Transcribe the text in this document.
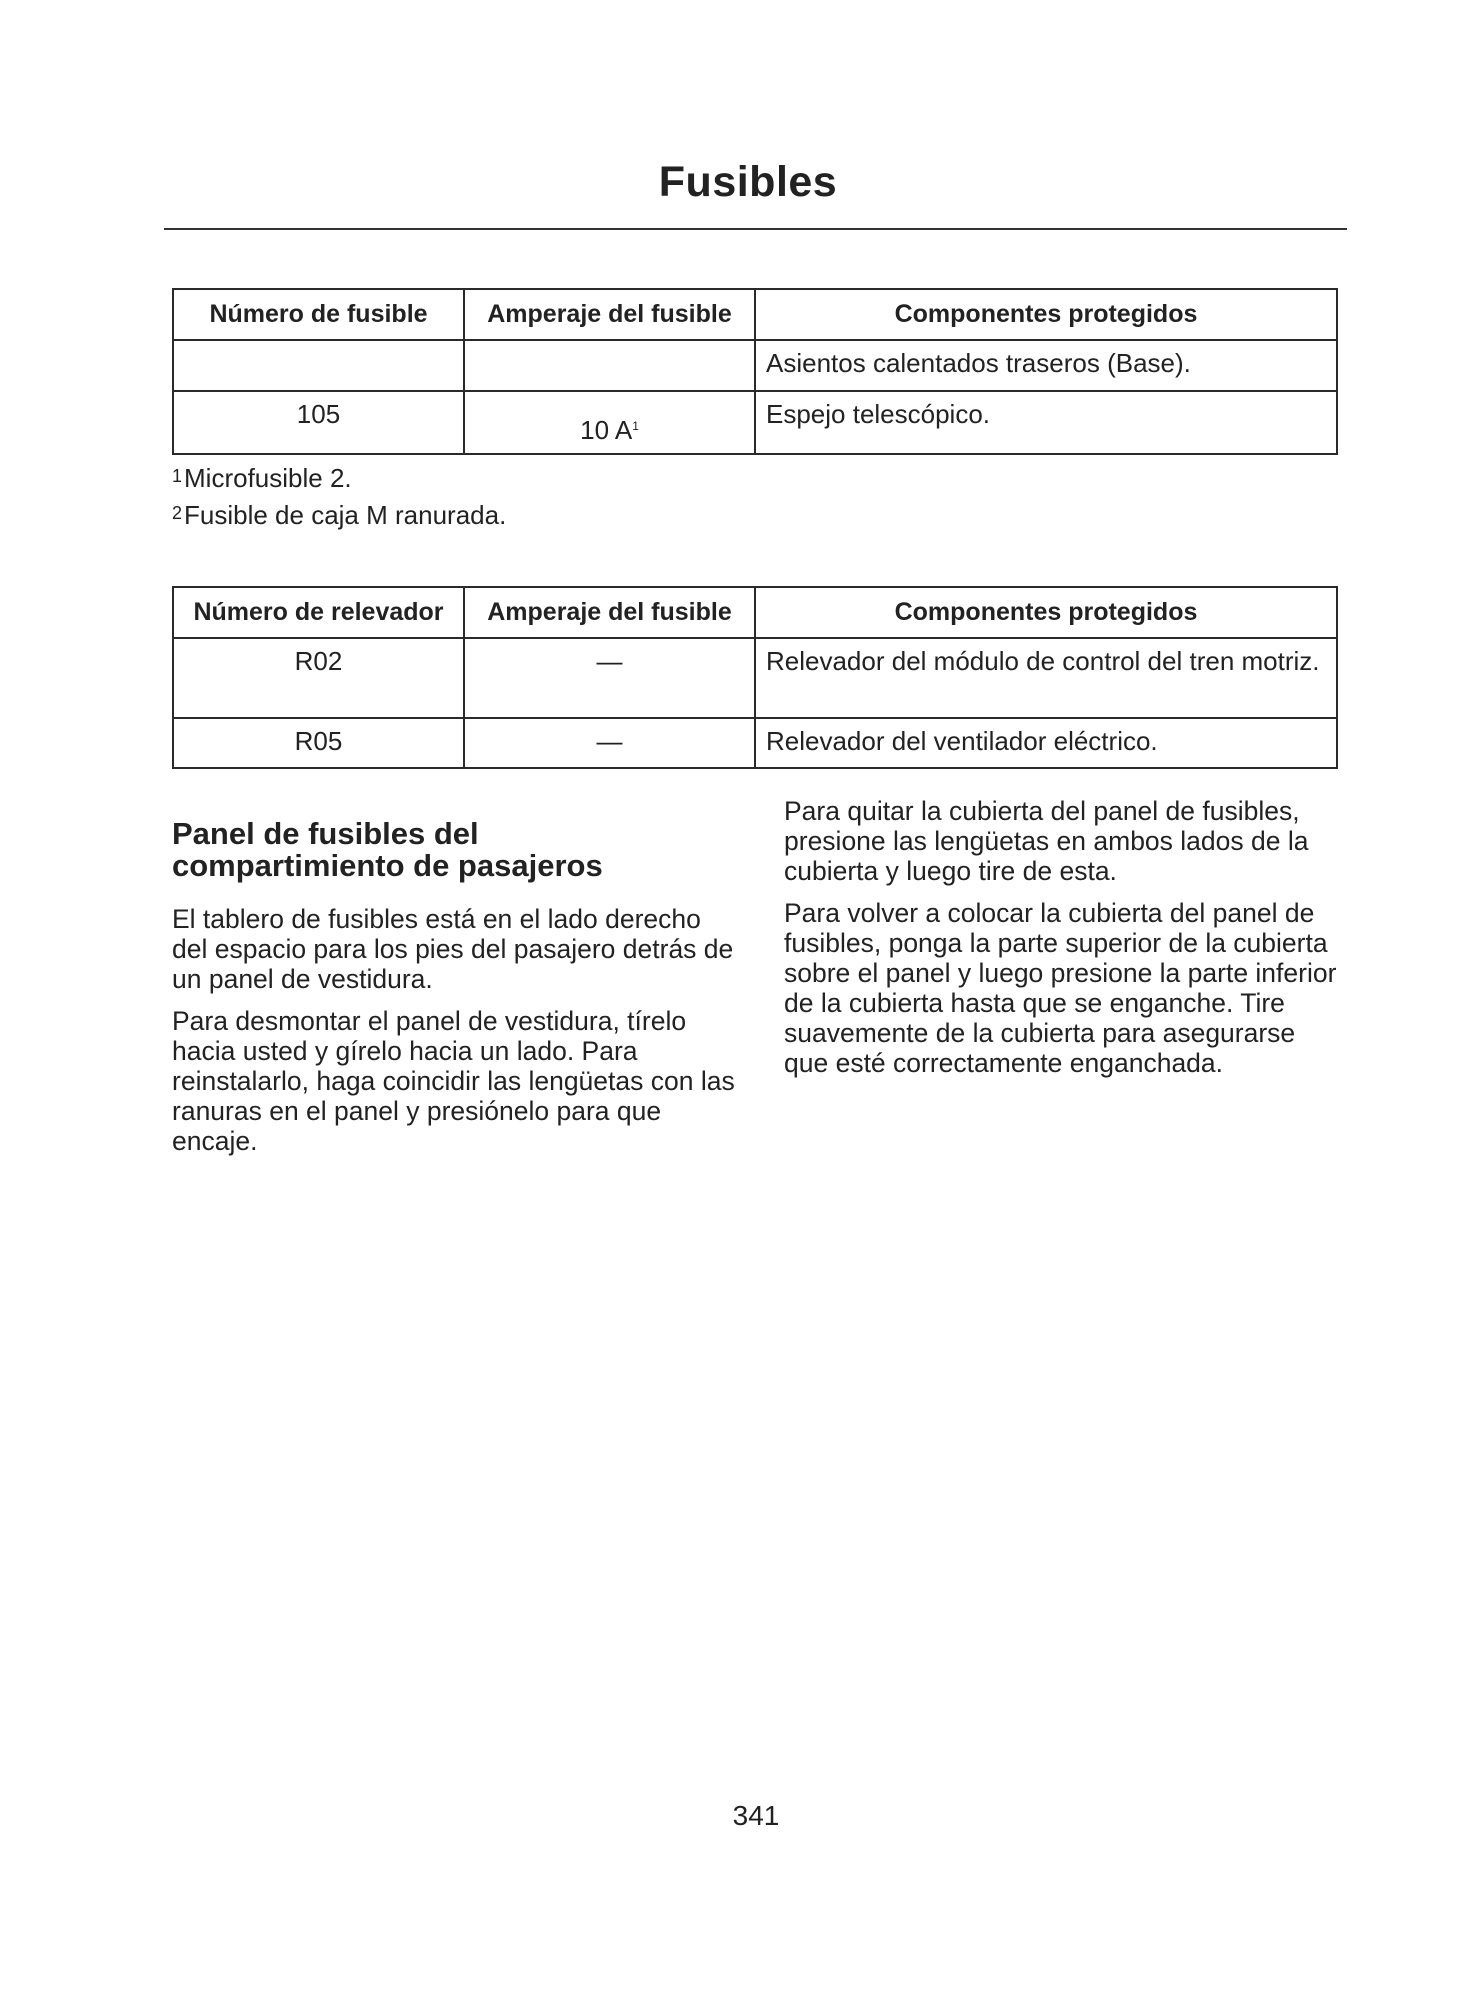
Fusibles
Número de fusible	Amperaje del fusible	Componentes protegidos
		Asientos calentados traseros (Base).
105	10 $A^1$	Espejo telescópico.
$^1$Microfusible 2.
$^2$Fusible de caja M ranurada.
Número de relevador	Amperaje del fusible	Componentes protegidos
R02	—	Relevador del módulo de control del tren motriz.
R05	—	Relevador del ventilador eléctrico.
Panel de fusibles del
compartimiento de pasajeros

El tablero de fusibles está en el lado derecho del espacio para los pies del pasajero detrás de un panel de vestidura.

Para desmontar el panel de vestidura, tírelo hacia usted y gírelo hacia un lado. Para reinstalarlo, haga coincidir las lengüetas con las ranuras en el panel y presiónelo para que encaje.

Para quitar la cubierta del panel de fusibles, presione las lengüetas en ambos lados de la cubierta y luego tire de esta.

Para volver a colocar la cubierta del panel de fusibles, ponga la parte superior de la cubierta sobre el panel y luego presione la parte inferior de la cubierta hasta que se enganche. Tire suavemente de la cubierta para asegurarse que esté correctamente enganchada.

341
